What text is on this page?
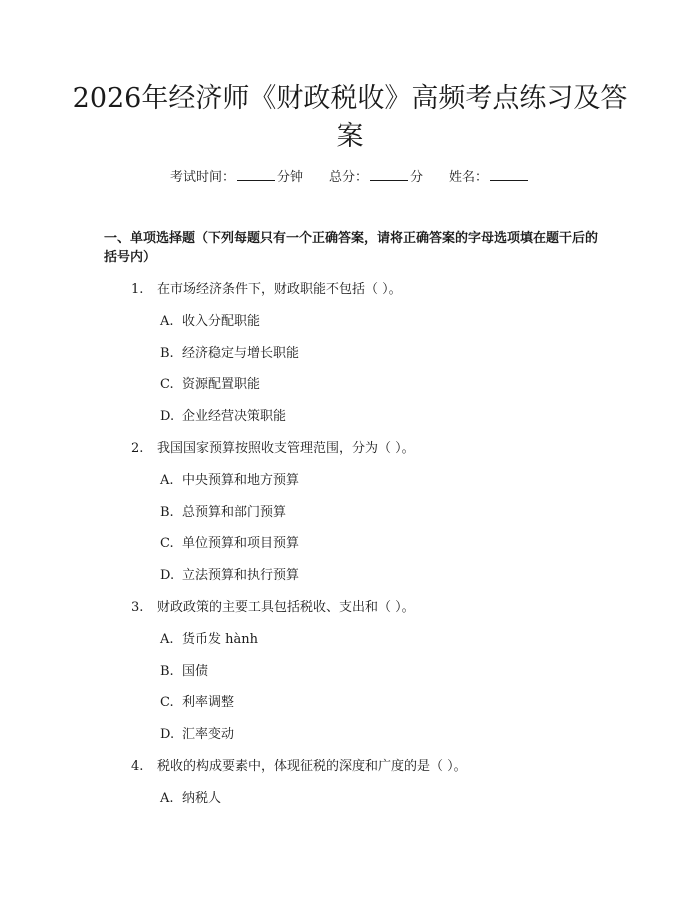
2026年经济师《财政税收》高频考点练习及答案
考试时间：	分钟 总分：	分 姓名：
一、单项选择题（下列每题只有一个正确答案，请将正确答案的字母选项填在题干后的括号内）
1. 在市场经济条件下，财政职能不包括（ ）。
A. 收入分配职能
B. 经济稳定与增长职能
C. 资源配置职能
D. 企业经营决策职能
2. 我国国家预算按照收支管理范围，分为（ ）。
A. 中央预算和地方预算
B. 总预算和部门预算
C. 单位预算和项目预算
D. 立法预算和执行预算
3. 财政政策的主要工具包括税收、支出和（ ）。
A. 货币发 hành
B. 国债
C. 利率调整
D. 汇率变动
4. 税收的构成要素中，体现征税的深度和广度的是（ ）。
A. 纳税人
